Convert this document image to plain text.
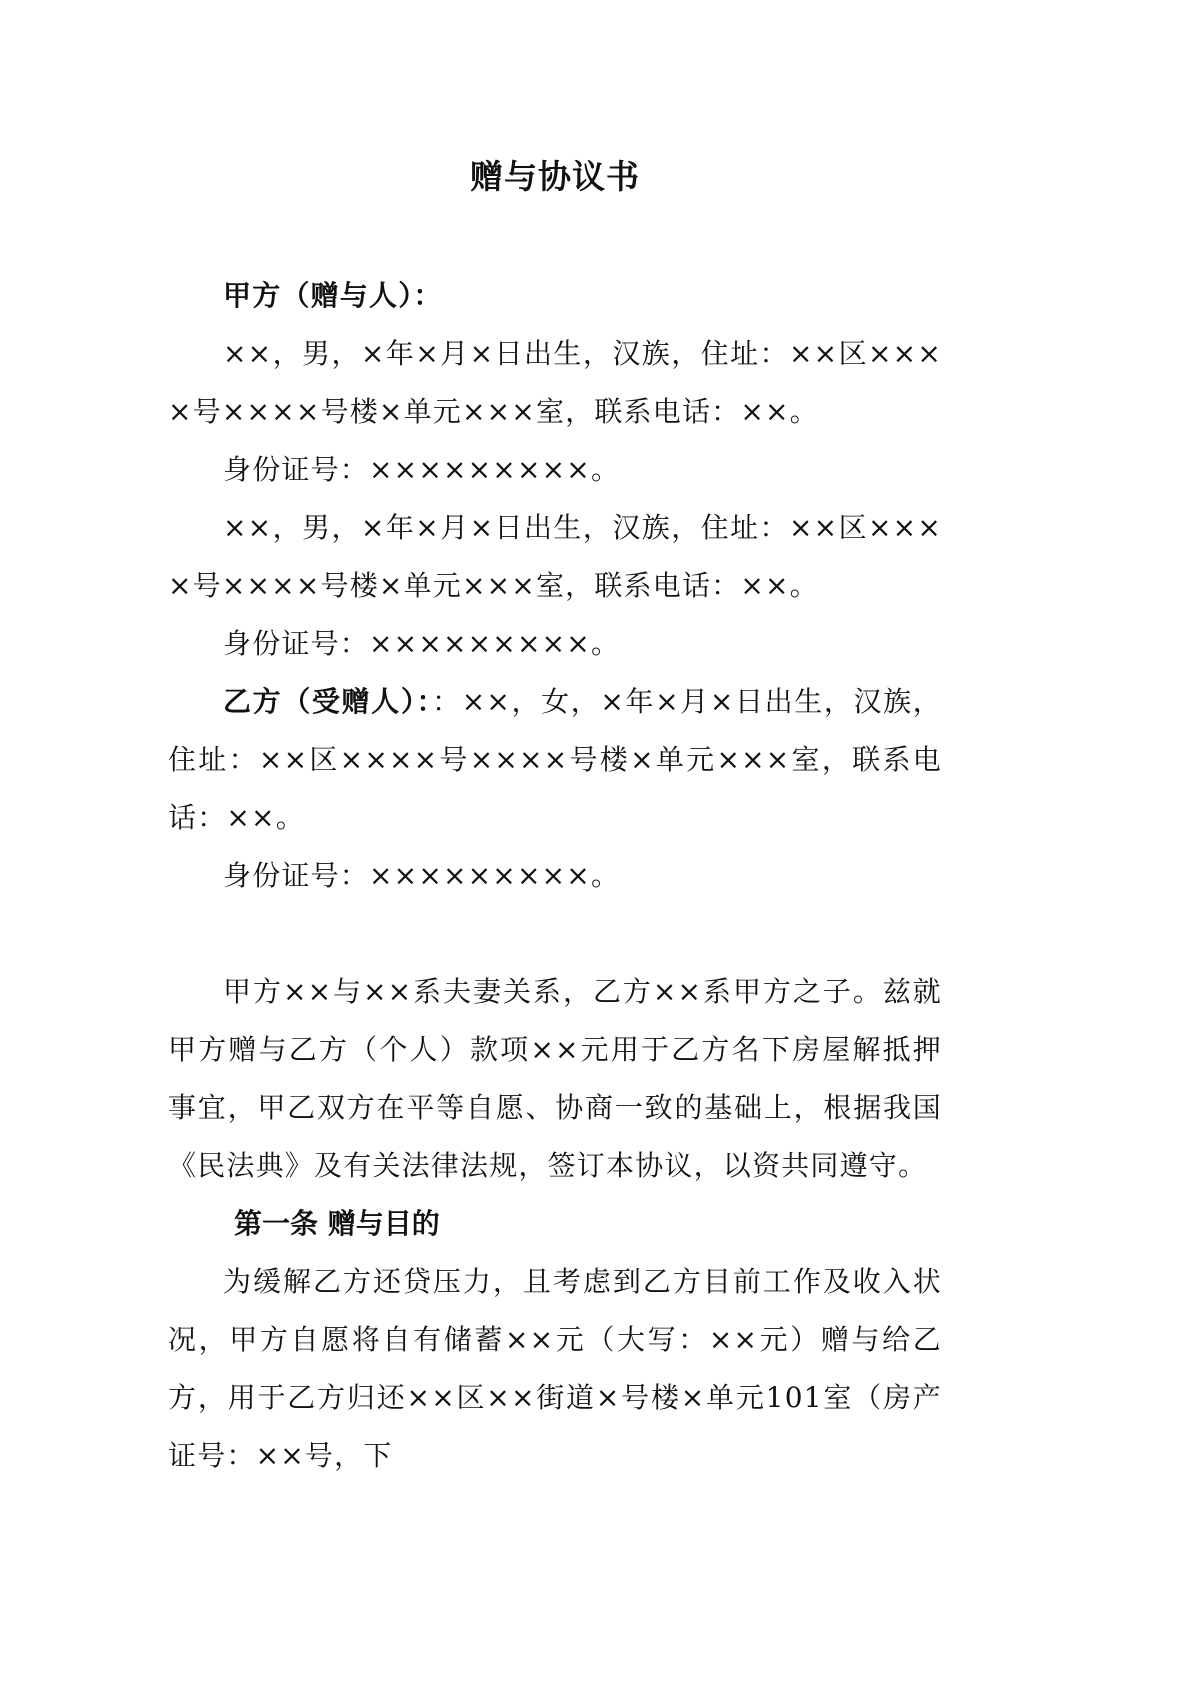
赠与协议书

甲方（赠与人）：

××，男，×年×月×日出生，汉族，住址：××区××××号××××号楼×单元×××室，联系电话：××。

身份证号：×××××××××。

××，男，×年×月×日出生，汉族，住址：××区××××号××××号楼×单元×××室，联系电话：××。

身份证号：×××××××××。

乙方（受赠人）：：××，女，×年×月×日出生，汉族，住址：××区××××号××××号楼×单元×××室，联系电话：××。

身份证号：×××××××××。

甲方××与××系夫妻关系，乙方××系甲方之子。兹就甲方赠与乙方（个人）款项××元用于乙方名下房屋解抵押事宜，甲乙双方在平等自愿、协商一致的基础上，根据我国《民法典》及有关法律法规，签订本协议，以资共同遵守。

第一条 赠与目的

为缓解乙方还贷压力，且考虑到乙方目前工作及收入状况，甲方自愿将自有储蓄××元（大写：××元）赠与给乙方，用于乙方归还××区××街道×号楼×单元101室（房产证号：××号，下
